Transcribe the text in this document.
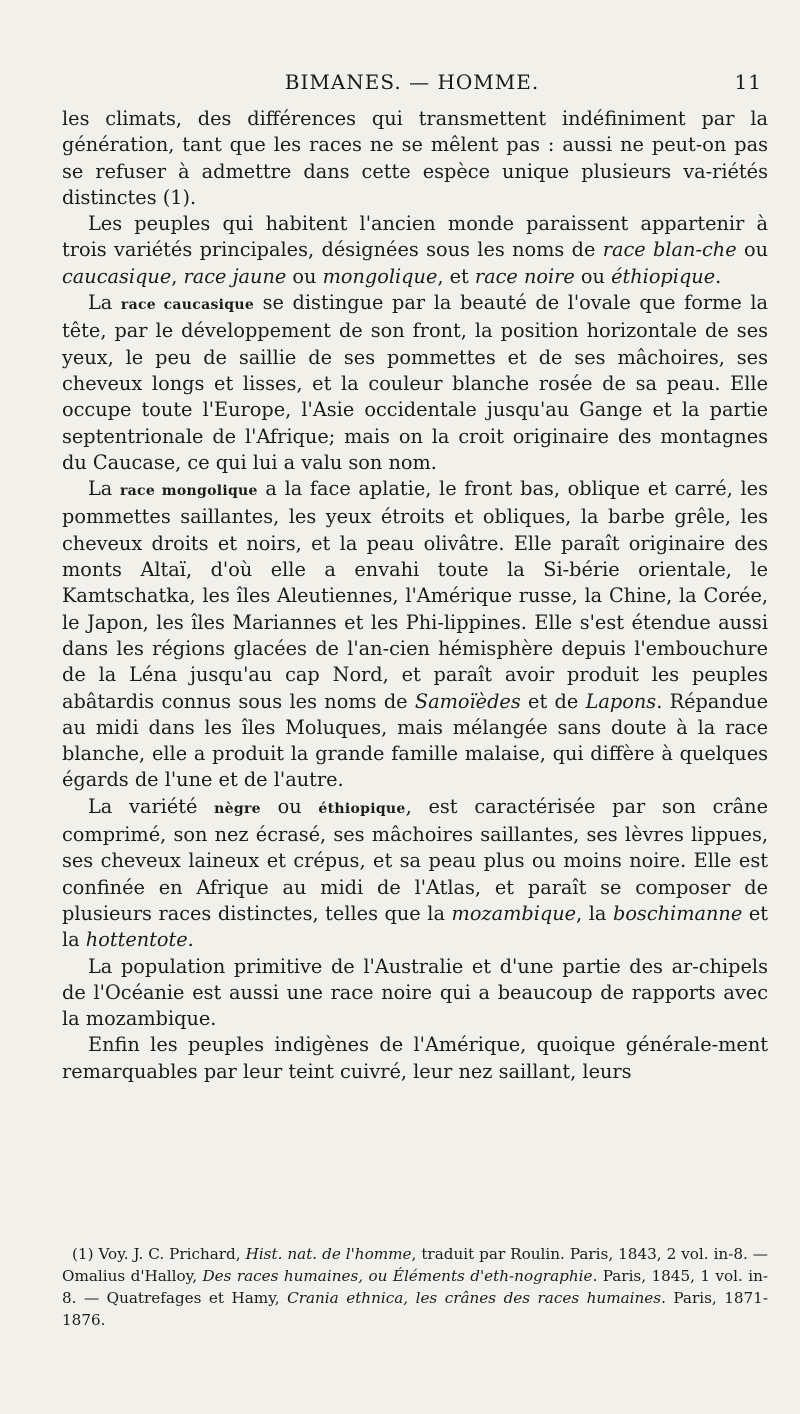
BIMANES. — HOMME.	11

les climats, des différences qui transmettent indéfiniment par la génération, tant que les races ne se mêlent pas : aussi ne peut-on pas se refuser à admettre dans cette espèce unique plusieurs va-riétés distinctes (1).

Les peuples qui habitent l'ancien monde paraissent appartenir à trois variétés principales, désignées sous les noms de race blan-che ou caucasique, race jaune ou mongolique, et race noire ou éthiopique.

La race caucasique se distingue par la beauté de l'ovale que forme la tête, par le développement de son front, la position horizontale de ses yeux, le peu de saillie de ses pommettes et de ses mâchoires, ses cheveux longs et lisses, et la couleur blanche rosée de sa peau. Elle occupe toute l'Europe, l'Asie occidentale jusqu'au Gange et la partie septentrionale de l'Afrique; mais on la croit originaire des montagnes du Caucase, ce qui lui a valu son nom.

La race mongolique a la face aplatie, le front bas, oblique et carré, les pommettes saillantes, les yeux étroits et obliques, la barbe grêle, les cheveux droits et noirs, et la peau olivâtre. Elle paraît originaire des monts Altaï, d'où elle a envahi toute la Si-bérie orientale, le Kamtschatka, les îles Aleutiennes, l'Amérique russe, la Chine, la Corée, le Japon, les îles Mariannes et les Phi-lippines. Elle s'est étendue aussi dans les régions glacées de l'an-cien hémisphère depuis l'embouchure de la Léna jusqu'au cap Nord, et paraît avoir produit les peuples abâtardis connus sous les noms de Samoïèdes et de Lapons. Répandue au midi dans les îles Moluques, mais mélangée sans doute à la race blanche, elle a produit la grande famille malaise, qui diffère à quelques égards de l'une et de l'autre.

La variété nègre ou éthiopique, est caractérisée par son crâne comprimé, son nez écrasé, ses mâchoires saillantes, ses lèvres lippues, ses cheveux laineux et crépus, et sa peau plus ou moins noire. Elle est confinée en Afrique au midi de l'Atlas, et paraît se composer de plusieurs races distinctes, telles que la mozambique, la boschimanne et la hottentote.

La population primitive de l'Australie et d'une partie des ar-chipels de l'Océanie est aussi une race noire qui a beaucoup de rapports avec la mozambique.

Enfin les peuples indigènes de l'Amérique, quoique générale-ment remarquables par leur teint cuivré, leur nez saillant, leurs

(1) Voy. J. C. Prichard, Hist. nat. de l'homme, traduit par Roulin. Paris, 1843, 2 vol. in-8. — Omalius d'Halloy, Des races humaines, ou Éléments d'eth-nographie. Paris, 1845, 1 vol. in-8. — Quatrefages et Hamy, Crania ethnica, les crânes des races humaines. Paris, 1871-1876.
